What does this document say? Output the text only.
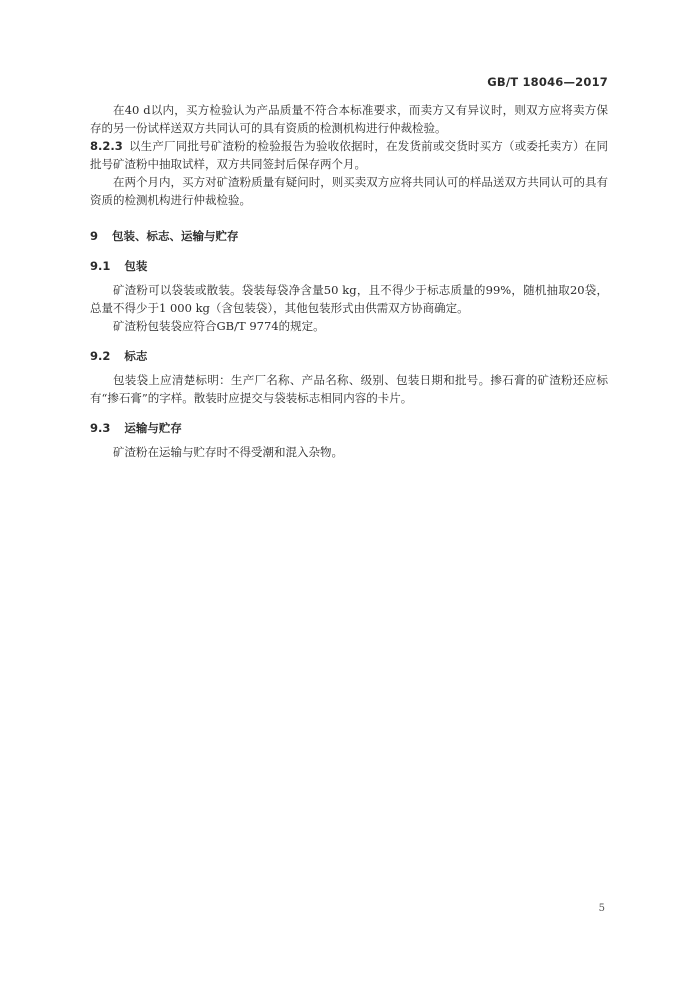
GB/T 18046—2017

在40 d以内，买方检验认为产品质量不符合本标准要求，而卖方又有异议时，则双方应将卖方保存的另一份试样送双方共同认可的具有资质的检测机构进行仲裁检验。

8.2.3 以生产厂同批号矿渣粉的检验报告为验收依据时，在发货前或交货时买方（或委托卖方）在同批号矿渣粉中抽取试样，双方共同签封后保存两个月。

在两个月内，买方对矿渣粉质量有疑问时，则买卖双方应将共同认可的样品送双方共同认可的具有资质的检测机构进行仲裁检验。

9 包装、标志、运输与贮存
9.1 包装

矿渣粉可以袋装或散装。袋装每袋净含量50 kg，且不得少于标志质量的99%，随机抽取20袋，总量不得少于1 000 kg（含包装袋），其他包装形式由供需双方协商确定。

矿渣粉包装袋应符合GB/T 9774的规定。

9.2 标志

包装袋上应清楚标明：生产厂名称、产品名称、级别、包装日期和批号。掺石膏的矿渣粉还应标有“掺石膏”的字样。散装时应提交与袋装标志相同内容的卡片。

9.3 运输与贮存

矿渣粉在运输与贮存时不得受潮和混入杂物。

5
